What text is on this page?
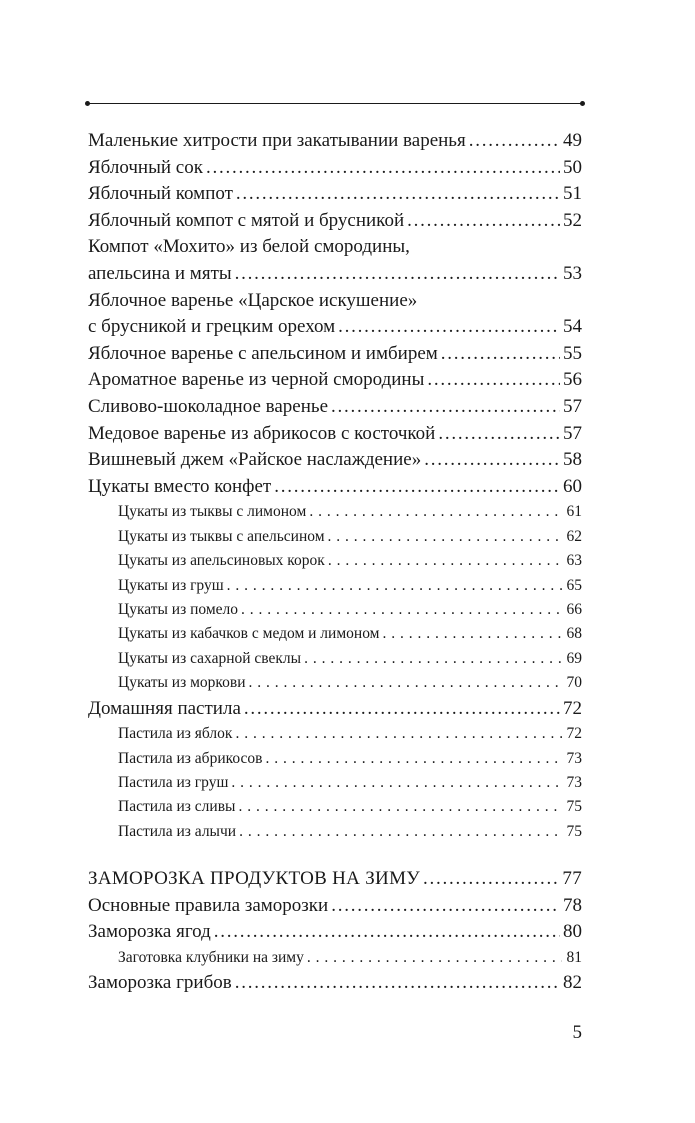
Маленькие хитрости при закатывании варенья . . .	49
Яблочный сок . . .	50
Яблочный компот . . .	51
Яблочный компот с мятой и брусникой . . .	52
Компот «Мохито» из белой смородины,
апельсина и мяты . . .	53
Яблочное варенье «Царское искушение»
с брусникой и грецким орехом . . .	54
Яблочное варенье с апельсином и имбирем . . .	55
Ароматное варенье из черной смородины . . .	56
Сливово-шоколадное варенье . . .	57
Медовое варенье из абрикосов с косточкой . . .	57
Вишневый джем «Райское наслаждение» . . .	58
Цукаты вместо конфет . . .	60
Цукаты из тыквы с лимоном . . .	61
Цукаты из тыквы с апельсином . . .	62
Цукаты из апельсиновых корок . . .	63
Цукаты из груш . . .	65
Цукаты из помело . . .	66
Цукаты из кабачков с медом и лимоном . . .	68
Цукаты из сахарной свеклы . . .	69
Цукаты из моркови . . .	70
Домашняя пастила . . .	72
Пастила из яблок . . .	72
Пастила из абрикосов . . .	73
Пастила из груш . . .	73
Пастила из сливы . . .	75
Пастила из алычи . . .	75
ЗАМОРОЗКА ПРОДУКТОВ НА ЗИМУ . . .	77
Основные правила заморозки . . .	78
Заморозка ягод . . .	80
Заготовка клубники на зиму . . .	81
Заморозка грибов . . .	82
5
